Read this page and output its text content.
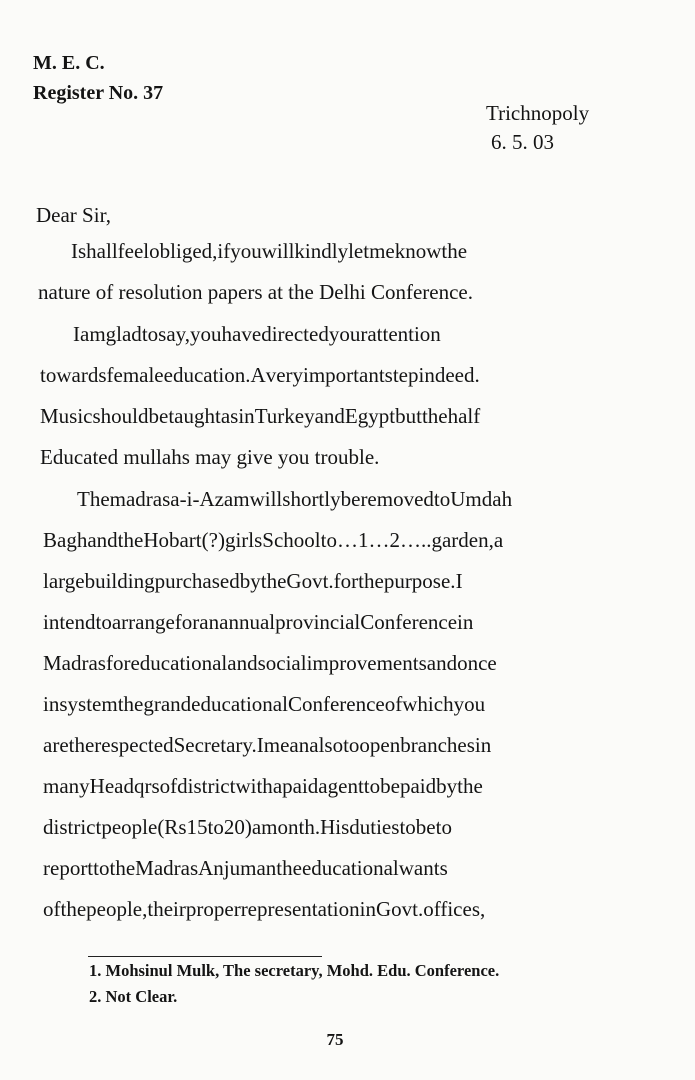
M. E. C.
Register No. 37
Trichnopoly
6. 5. 03
Dear Sir,
Ishallfeelobliged,ifyouwillkindlyletmeknowthe
nature of resolution papers at the Delhi Conference.
Iamgladtosay,youhavedirectedyourattention
towardsfemaleeducation.Averyimportantstepindeed.
MusicshouldbetaughtasinTurkeyandEgyptbutthehalf
Educated mullahs may give you trouble.
Themadrasa-i-AzamwillshortlyberemovedtoUmdah
BaghandtheHobart(?)girlsSchoolto…1…2…..garden,a
largebuildingpurchasedbytheGovt.forthepurpose.I
intendtoarrangeforanannualprovincialConferencein
Madrasforeducationalandsocialimprovementsandonce
insystemthegrandeducationalConferenceofwhichyou
aretherespectedSecretary.Imeanalsotoopenbranchesin
manyHeadqrsofdistrictwithapaidagenttobepaidbythe
districtpeople(Rs15to20)amonth.Hisdutiestobeto
reporttotheMadrasAnjumantheeducationalwants
ofthepeople,theirproperrepresentationinGovt.offices,
1. Mohsinul Mulk, The secretary, Mohd. Edu. Conference.
2. Not Clear.
75
